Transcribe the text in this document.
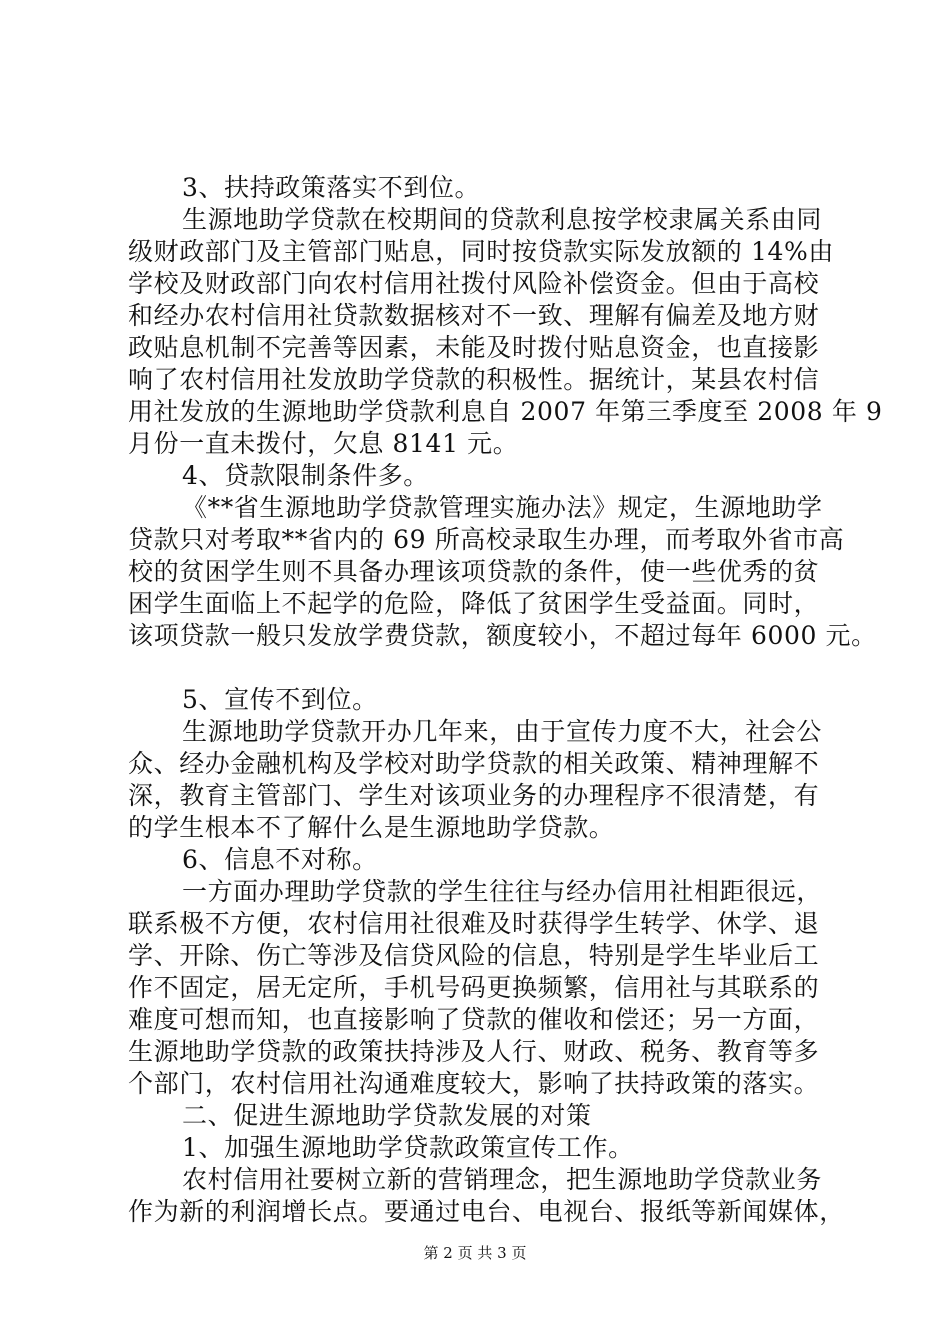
3、扶持政策落实不到位。
生源地助学贷款在校期间的贷款利息按学校隶属关系由同
级财政部门及主管部门贴息，同时按贷款实际发放额的 14%由
学校及财政部门向农村信用社拨付风险补偿资金。但由于高校
和经办农村信用社贷款数据核对不一致、理解有偏差及地方财
政贴息机制不完善等因素，未能及时拨付贴息资金，也直接影
响了农村信用社发放助学贷款的积极性。据统计，某县农村信
用社发放的生源地助学贷款利息自 2007 年第三季度至 2008 年 9
月份一直未拨付，欠息 8141 元。
4、贷款限制条件多。
《**省生源地助学贷款管理实施办法》规定，生源地助学
贷款只对考取**省内的 69 所高校录取生办理，而考取外省市高
校的贫困学生则不具备办理该项贷款的条件，使一些优秀的贫
困学生面临上不起学的危险，降低了贫困学生受益面。同时，
该项贷款一般只发放学费贷款，额度较小，不超过每年 6000 元。
5、宣传不到位。
生源地助学贷款开办几年来，由于宣传力度不大，社会公
众、经办金融机构及学校对助学贷款的相关政策、精神理解不
深，教育主管部门、学生对该项业务的办理程序不很清楚，有
的学生根本不了解什么是生源地助学贷款。
6、信息不对称。
一方面办理助学贷款的学生往往与经办信用社相距很远，
联系极不方便，农村信用社很难及时获得学生转学、休学、退
学、开除、伤亡等涉及信贷风险的信息，特别是学生毕业后工
作不固定，居无定所，手机号码更换频繁，信用社与其联系的
难度可想而知，也直接影响了贷款的催收和偿还；另一方面，
生源地助学贷款的政策扶持涉及人行、财政、税务、教育等多
个部门，农村信用社沟通难度较大，影响了扶持政策的落实。
二、促进生源地助学贷款发展的对策
1、加强生源地助学贷款政策宣传工作。
农村信用社要树立新的营销理念，把生源地助学贷款业务
作为新的利润增长点。要通过电台、电视台、报纸等新闻媒体，
第 2 页 共 3 页
